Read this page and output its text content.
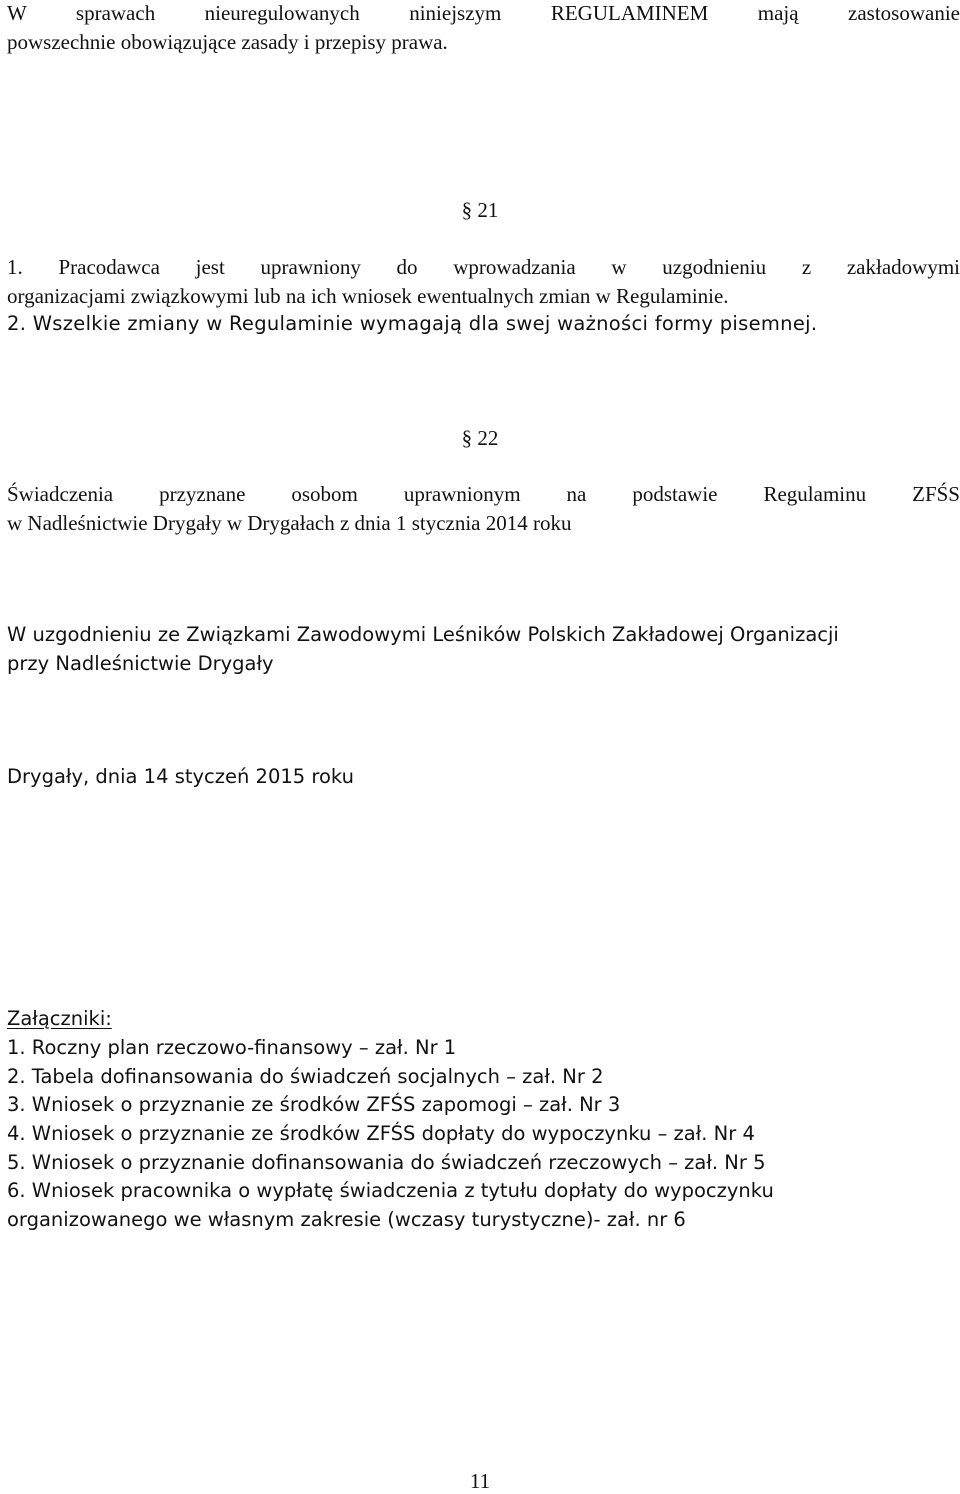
W sprawach nieuregulowanych niniejszym REGULAMINEM mają zastosowanie
powszechnie obowiązujące zasady i przepisy prawa.
§ 21
1. Pracodawca jest uprawniony do wprowadzania w uzgodnieniu z zakładowymi
organizacjami związkowymi lub na ich wniosek ewentualnych zmian w Regulaminie.
2. Wszelkie zmiany w Regulaminie wymagają dla swej ważności formy pisemnej.
§ 22
Świadczenia przyznane osobom uprawnionym na podstawie Regulaminu ZFŚS
w Nadleśnictwie Drygały w Drygałach z dnia 1 stycznia 2014 roku
W uzgodnieniu ze Związkami Zawodowymi Leśników Polskich Zakładowej Organizacji
przy Nadleśnictwie Drygały
Drygały, dnia 14 styczeń 2015 roku
Załączniki:
1. Roczny plan rzeczowo-finansowy – zał. Nr 1
2. Tabela dofinansowania do świadczeń socjalnych – zał. Nr 2
3. Wniosek o przyznanie ze środków ZFŚS zapomogi – zał. Nr 3
4. Wniosek o przyznanie ze środków ZFŚS dopłaty do wypoczynku – zał. Nr 4
5. Wniosek o przyznanie dofinansowania do świadczeń rzeczowych – zał. Nr 5
6. Wniosek pracownika o wypłatę świadczenia z tytułu dopłaty do wypoczynku
organizowanego we własnym zakresie (wczasy turystyczne)- zał. nr 6
11
